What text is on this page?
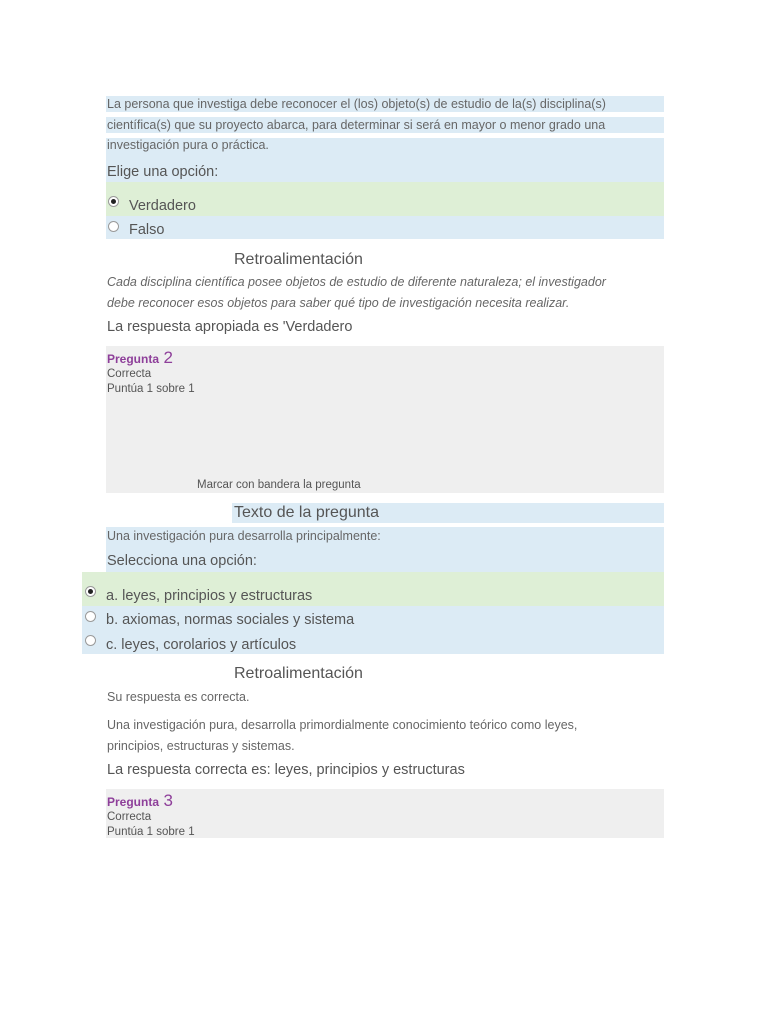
La persona que investiga debe reconocer el (los) objeto(s) de estudio de la(s) disciplina(s)
científica(s) que su proyecto abarca, para determinar si será en mayor o menor grado una
investigación pura o práctica.
Elige una opción:
Verdadero
Falso
Retroalimentación
Cada disciplina científica posee objetos de estudio de diferente naturaleza; el investigador
debe reconocer esos objetos para saber qué tipo de investigación necesita realizar.
La respuesta apropiada es 'Verdadero
Pregunta 2
Correcta
Puntúa 1 sobre 1
Marcar con bandera la pregunta
Texto de la pregunta
Una investigación pura desarrolla principalmente:
Selecciona una opción:
a. leyes, principios y estructuras
b. axiomas, normas sociales y sistema
c. leyes, corolarios y artículos
Retroalimentación
Su respuesta es correcta.
Una investigación pura, desarrolla primordialmente conocimiento teórico como leyes,
principios, estructuras y sistemas.
La respuesta correcta es: leyes, principios y estructuras
Pregunta 3
Correcta
Puntúa 1 sobre 1
